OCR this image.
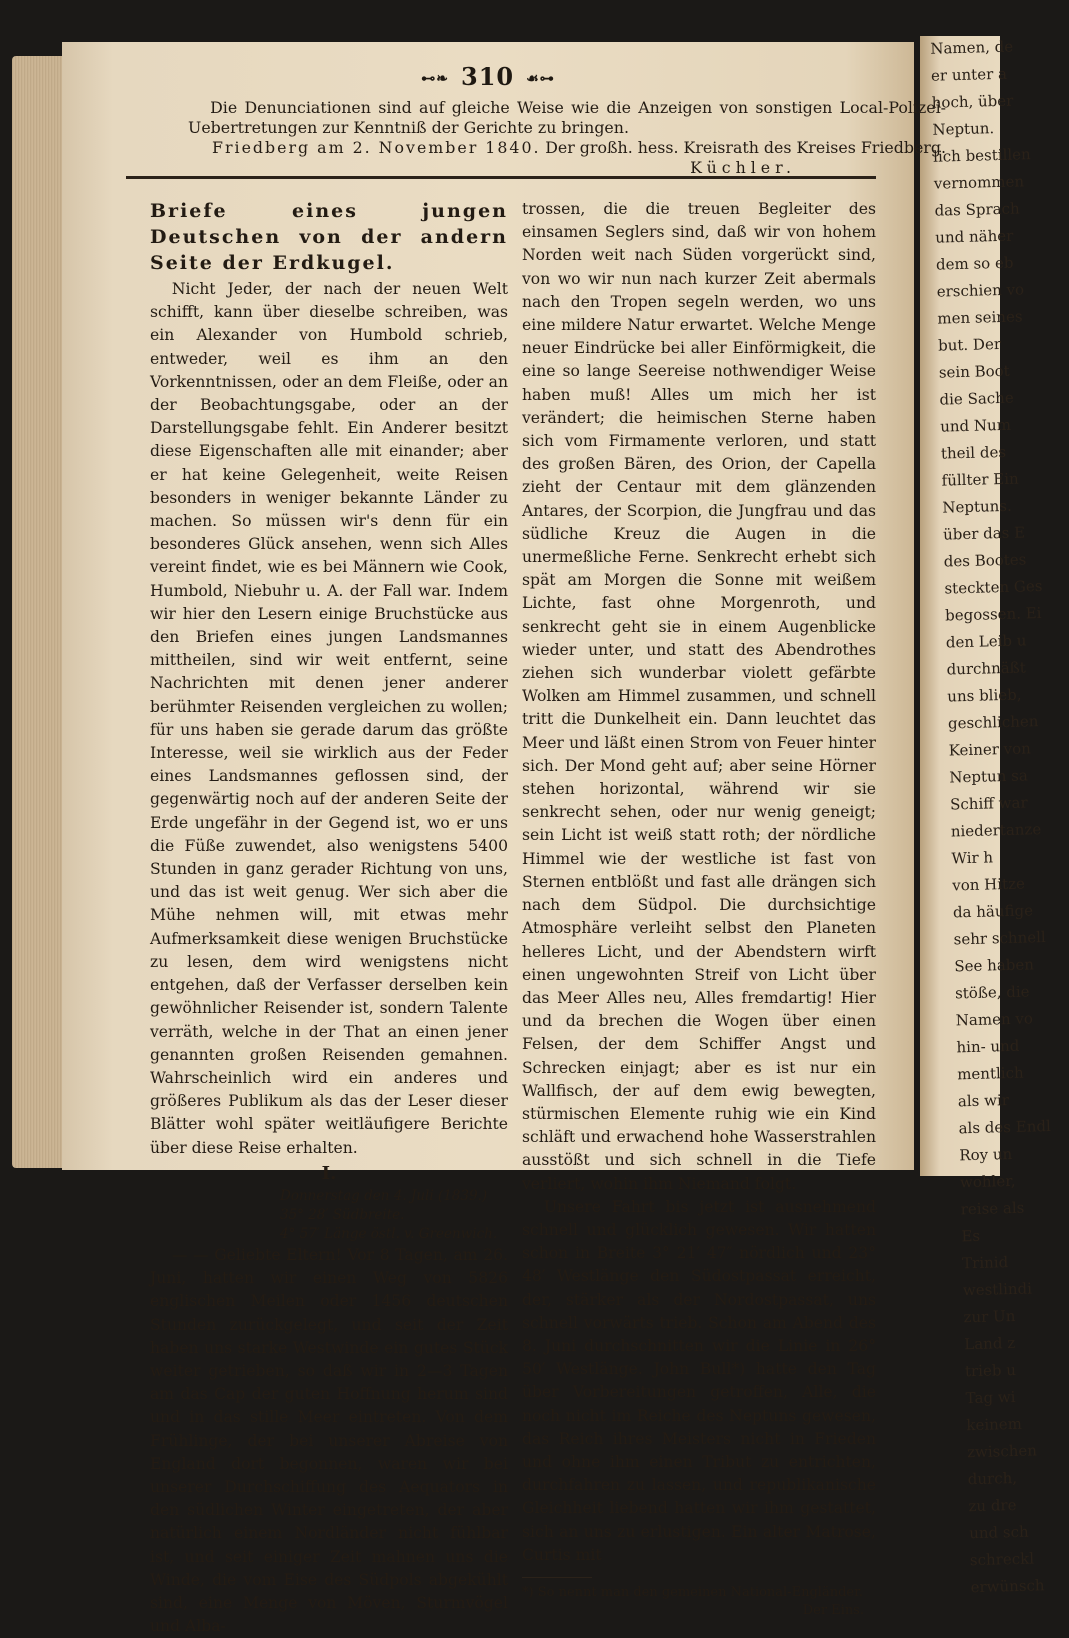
Namen, de
er unter a
hoch, über
Neptun.
lich bestillen
vernommen
das Sprach
und näher
dem so eb
erschien vo
men seines
but. Der
sein Boot
die Sache
und Num
theil des
füllter Ein
Neptuns.
über das E
des Bootes
steckten Ges
begossen. Ei
den Leib u
durchnäßt
uns blieb,
geschlichen
Keiner von
Neptun sa
Schiff war
niedertanze
Wir h
von Hitze
da häufige
sehr schnell
See haben
stöße, die
Namen vo
hin- und
mentlich
als wir
als des Endl
Roy un
wohler,
reise als
Es
Trinid
westlindi
zur Un
Land z
trieb u
Tag wi
keinem
zwischen
durch,
zu dre
und sch
schreckl
erwünsch
⊷❧ 310 ☙⊶
Die Denunciationen sind auf gleiche Weise wie die Anzeigen von sonstigen Local-Polizei-Uebertretungen zur Kenntniß der Gerichte zu bringen.
Friedberg am 2. November 1840. Der großh. hess. Kreisrath des Kreises Friedberg.
Küchler.
Briefe eines jungen Deutschen von der andern Seite der Erdkugel.

Nicht Jeder, der nach der neuen Welt schifft, kann über dieselbe schreiben, was ein Alexander von Humbold schrieb, entweder, weil es ihm an den Vorkenntnissen, oder an dem Fleiße, oder an der Beobachtungsgabe, oder an der Darstellungsgabe fehlt. Ein Anderer besitzt diese Eigenschaften alle mit einander; aber er hat keine Gelegenheit, weite Reisen besonders in weniger bekannte Länder zu machen. So müssen wir's denn für ein besonderes Glück ansehen, wenn sich Alles vereint findet, wie es bei Männern wie Cook, Humbold, Niebuhr u. A. der Fall war. Indem wir hier den Lesern einige Bruchstücke aus den Briefen eines jungen Landsmannes mittheilen, sind wir weit entfernt, seine Nachrichten mit denen jener anderer berühmter Reisenden vergleichen zu wollen; für uns haben sie gerade darum das größte Interesse, weil sie wirklich aus der Feder eines Landsmannes geflossen sind, der gegenwärtig noch auf der anderen Seite der Erde ungefähr in der Gegend ist, wo er uns die Füße zuwendet, also wenigstens 5400 Stunden in ganz gerader Richtung von uns, und das ist weit genug. Wer sich aber die Mühe nehmen will, mit etwas mehr Aufmerksamkeit diese wenigen Bruchstücke zu lesen, dem wird wenigstens nicht entgehen, daß der Verfasser derselben kein gewöhnlicher Reisender ist, sondern Talente verräth, welche in der That an einen jener genannten großen Reisenden gemahnen. Wahrscheinlich wird ein anderes und größeres Publikum als das der Leser dieser Blätter wohl später weitläufigere Berichte über diese Reise erhalten.

I.
Donnerstag den 4. Juli (1839.)
35° 28′ Südbreite.
4° 57′ Länge östl. v. Greenwich.

— — Geliebte Eltern! Vor 8 Tagen, am 26. Juni, hatten wir einen Weg von 5826 englischen Meilen oder 1456 deutschen Stunden zurückgelegt, und seit der Zeit haben uns starke Westwinde ein gutes Stück weiter getrieben, so daß wir in 2—3 Tagen am das Cap der guten Hoffnung herum sind und in das stille Meer eintreten. Von dem Frühlinge, der bei unserer Abreise von England dort begonnen, waren wir bei unserer Durchschiffung des Aequators in den südlichen Winter eingetreten, der aber natürlich einem Nordländer nicht fühlbar ist, und seit einiger Zeit mahnen uns die Winde, die vom Eise des Südpols abgekühlt sind, eine Menge von Möven, Sturmvögel und Alba-

trossen, die die treuen Begleiter des einsamen Seglers sind, daß wir von hohem Norden weit nach Süden vorgerückt sind, von wo wir nun nach kurzer Zeit abermals nach den Tropen segeln werden, wo uns eine mildere Natur erwartet. Welche Menge neuer Eindrücke bei aller Einförmigkeit, die eine so lange Seereise nothwendiger Weise haben muß! Alles um mich her ist verändert; die heimischen Sterne haben sich vom Firmamente verloren, und statt des großen Bären, des Orion, der Capella zieht der Centaur mit dem glänzenden Antares, der Scorpion, die Jungfrau und das südliche Kreuz die Augen in die unermeßliche Ferne. Senkrecht erhebt sich spät am Morgen die Sonne mit weißem Lichte, fast ohne Morgenroth, und senkrecht geht sie in einem Augenblicke wieder unter, und statt des Abendrothes ziehen sich wunderbar violett gefärbte Wolken am Himmel zusammen, und schnell tritt die Dunkelheit ein. Dann leuchtet das Meer und läßt einen Strom von Feuer hinter sich. Der Mond geht auf; aber seine Hörner stehen horizontal, während wir sie senkrecht sehen, oder nur wenig geneigt; sein Licht ist weiß statt roth; der nördliche Himmel wie der westliche ist fast von Sternen entblößt und fast alle drängen sich nach dem Südpol. Die durchsichtige Atmosphäre verleiht selbst den Planeten helleres Licht, und der Abendstern wirft einen ungewohnten Streif von Licht über das Meer Alles neu, Alles fremdartig! Hier und da brechen die Wogen über einen Felsen, der dem Schiffer Angst und Schrecken einjagt; aber es ist nur ein Wallfisch, der auf dem ewig bewegten, stürmischen Elemente ruhig wie ein Kind schläft und erwachend hohe Wasserstrahlen ausstößt und sich schnell in die Tiefe verliert, wohin ihm Niemand folgt.

Unsere Fahrt bis jetzt ist ausnehmend schnell und glücklich gewesen. Wir hatten schon in Breite 3° 21′ 47″ nördlich und 23° 48′ Westlänge den Südostpassat erreicht, der, stärker als der Nordostpassat, uns schnell vorwärts trieb. Schon am Abend des 8. Juni durchschnitten wir die Linie in 26° 50′ Westlänge. John Bull*) hatte den Tag über Vorbereitungen getroffen, Alle, die noch nicht im Reiche des Neptuns gewesen, das Reich ihres Meisters nicht in Frieden und ohne ihm einen Tribut zu entrichten, durchfahren zu lassen, und republikanische Gleichheit liebend hatten wir ihm gestattet, sich an uns zu erlustigen. Ein alter Matrose, Curtis mit

*) So nennt man den gemeinen National-Engländer.
Der Eins.
